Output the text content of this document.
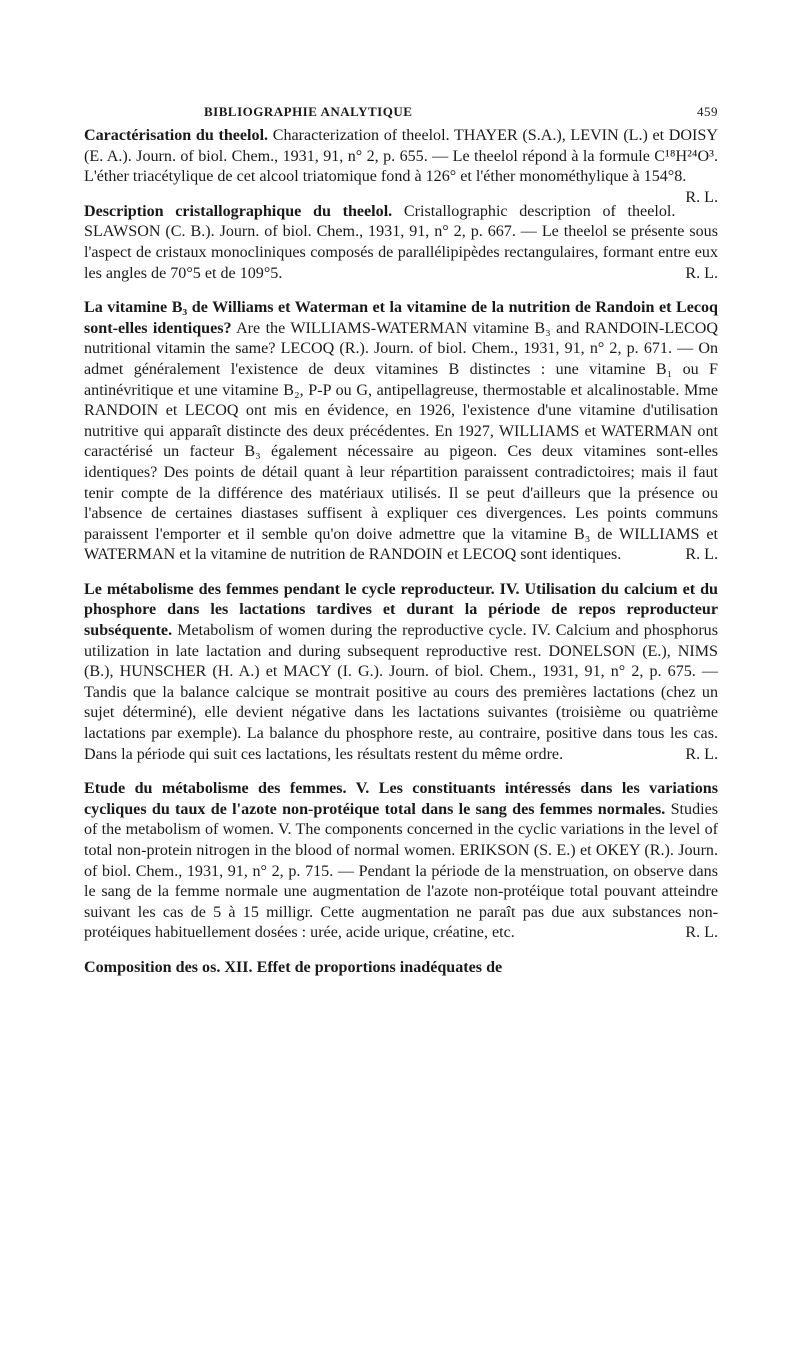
BIBLIOGRAPHIE ANALYTIQUE	459

Caractérisation du theelol. Characterization of theelol. THAYER (S.A.), LEVIN (L.) et DOISY (E. A.). Journ. of biol. Chem., 1931, 91, n° 2, p. 655. — Le theelol répond à la formule C¹⁸H²⁴O³. L'éther triacétylique de cet alcool triatomique fond à 126° et l'éther monométhylique à 154°8.
R. L.

Description cristallographique du theelol. Cristallographic description of theelol. SLAWSON (C. B.). Journ. of biol. Chem., 1931, 91, n° 2, p. 667. — Le theelol se présente sous l'aspect de cristaux monocliniques composés de parallélipipèdes rectangulaires, formant entre eux les angles de 70°5 et de 109°5.	R. L.

La vitamine B₃ de Williams et Waterman et la vitamine de la nutrition de Randoin et Lecoq sont-elles identiques? Are the WILLIAMS-WATERMAN vitamine B₃ and RANDOIN-LECOQ nutritional vitamin the same? LECOQ (R.). Journ. of biol. Chem., 1931, 91, n° 2, p. 671. — On admet généralement l'existence de deux vitamines B distinctes : une vitamine B₁ ou F antinévritique et une vitamine B₂, P-P ou G, antipellagreuse, thermostable et alcalinostable. Mme RANDOIN et LECOQ ont mis en évidence, en 1926, l'existence d'une vitamine d'utilisation nutritive qui apparaît distincte des deux précédentes. En 1927, WILLIAMS et WATERMAN ont caractérisé un facteur B₃ également nécessaire au pigeon. Ces deux vitamines sont-elles identiques? Des points de détail quant à leur répartition paraissent contradictoires; mais il faut tenir compte de la différence des matériaux utilisés. Il se peut d'ailleurs que la présence ou l'absence de certaines diastases suffisent à expliquer ces divergences. Les points communs paraissent l'emporter et il semble qu'on doive admettre que la vitamine B₃ de WILLIAMS et WATERMAN et la vitamine de nutrition de RANDOIN et LECOQ sont identiques.	R. L.

Le métabolisme des femmes pendant le cycle reproducteur. IV. Utilisation du calcium et du phosphore dans les lactations tardives et durant la période de repos reproducteur subséquente. Metabolism of women during the reproductive cycle. IV. Calcium and phosphorus utilization in late lactation and during subsequent reproductive rest. DONELSON (E.), NIMS (B.), HUNSCHER (H. A.) et MACY (I. G.). Journ. of biol. Chem., 1931, 91, n° 2, p. 675. — Tandis que la balance calcique se montrait positive au cours des premières lactations (chez un sujet déterminé), elle devient négative dans les lactations suivantes (troisième ou quatrième lactations par exemple). La balance du phosphore reste, au contraire, positive dans tous les cas. Dans la période qui suit ces lactations, les résultats restent du même ordre.	R. L.

Etude du métabolisme des femmes. V. Les constituants intéressés dans les variations cycliques du taux de l'azote non-protéique total dans le sang des femmes normales. Studies of the metabolism of women. V. The components concerned in the cyclic variations in the level of total non-protein nitrogen in the blood of normal women. ERIKSON (S. E.) et OKEY (R.). Journ. of biol. Chem., 1931, 91, n° 2, p. 715. — Pendant la période de la menstruation, on observe dans le sang de la femme normale une augmentation de l'azote non-protéique total pouvant atteindre suivant les cas de 5 à 15 milligr. Cette augmentation ne paraît pas due aux substances non-protéiques habituellement dosées : urée, acide urique, créatine, etc.	R. L.

Composition des os. XII. Effet de proportions inadéquates de
